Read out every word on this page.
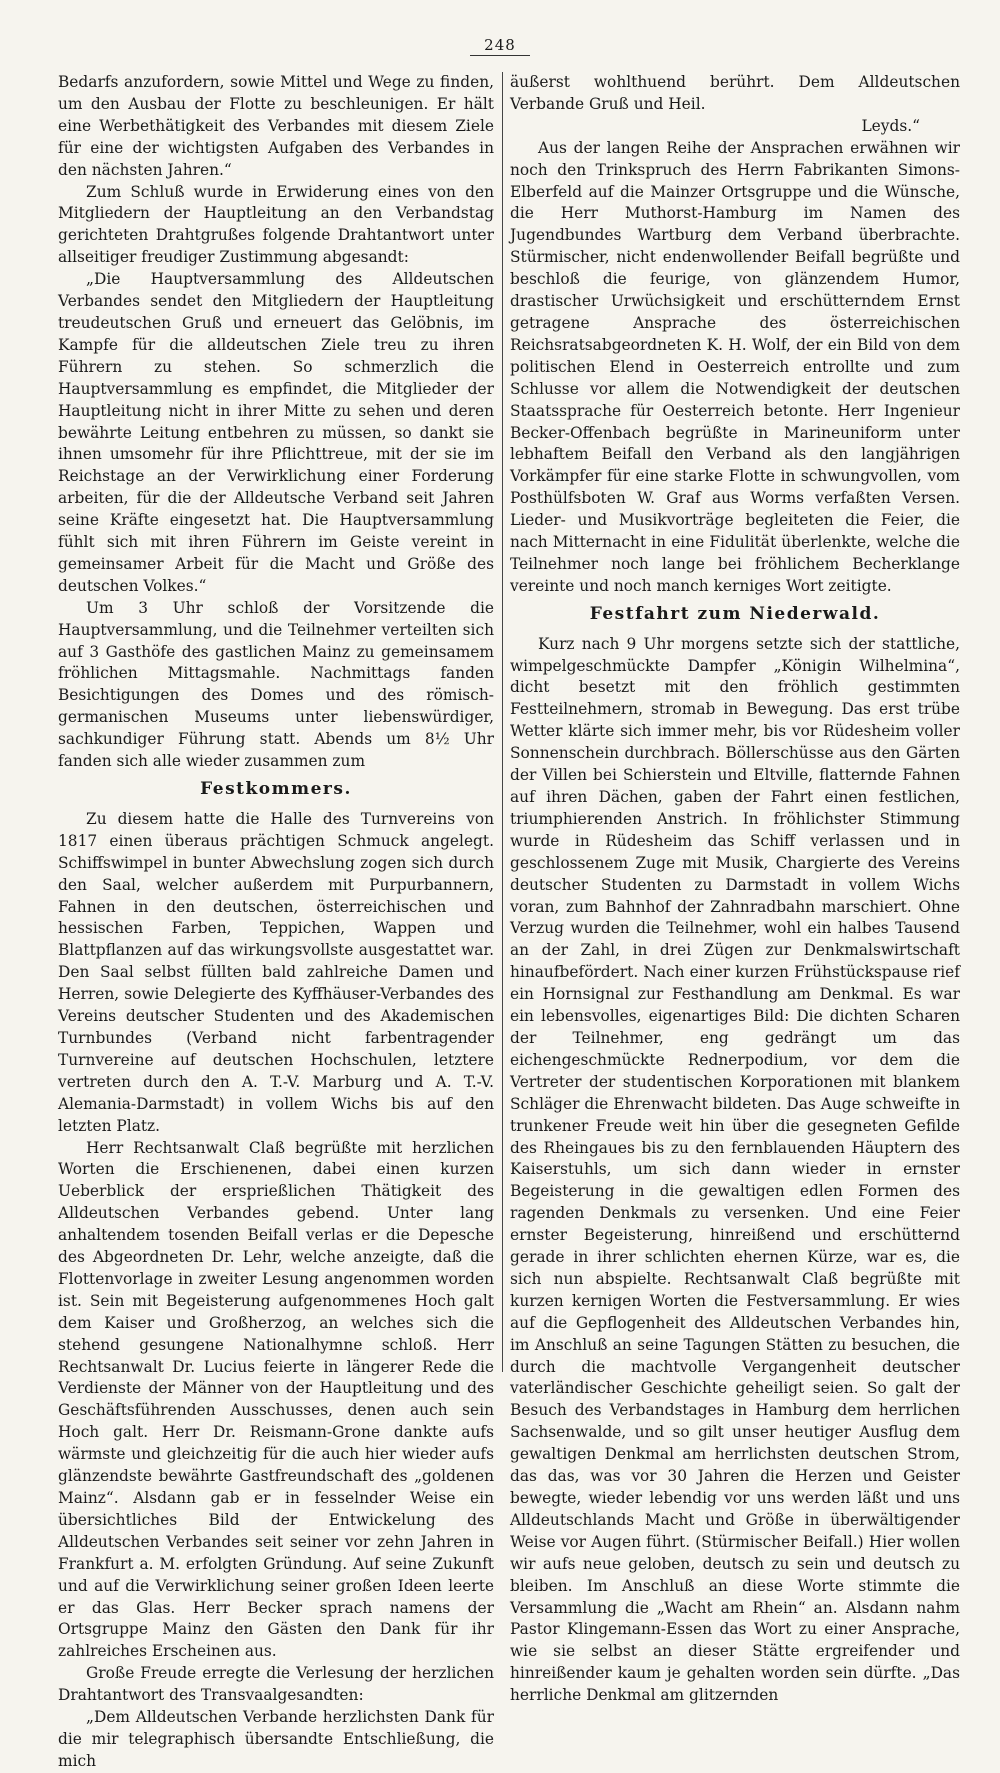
248

Bedarfs anzufordern, sowie Mittel und Wege zu finden, um den Ausbau der Flotte zu beschleunigen. Er hält eine Werbethätigkeit des Verbandes mit diesem Ziele für eine der wichtigsten Aufgaben des Verbandes in den nächsten Jahren.“

Zum Schluß wurde in Erwiderung eines von den Mitgliedern der Hauptleitung an den Verbandstag gerichteten Drahtgrußes folgende Drahtantwort unter allseitiger freudiger Zustimmung abgesandt:

„Die Hauptversammlung des Alldeutschen Verbandes sendet den Mitgliedern der Hauptleitung treudeutschen Gruß und erneuert das Gelöbnis, im Kampfe für die alldeutschen Ziele treu zu ihren Führern zu stehen. So schmerzlich die Hauptversammlung es empfindet, die Mitglieder der Hauptleitung nicht in ihrer Mitte zu sehen und deren bewährte Leitung entbehren zu müssen, so dankt sie ihnen umsomehr für ihre Pflichttreue, mit der sie im Reichstage an der Verwirklichung einer Forderung arbeiten, für die der Alldeutsche Verband seit Jahren seine Kräfte eingesetzt hat. Die Hauptversammlung fühlt sich mit ihren Führern im Geiste vereint in gemeinsamer Arbeit für die Macht und Größe des deutschen Volkes.“

Um 3 Uhr schloß der Vorsitzende die Hauptversammlung, und die Teilnehmer verteilten sich auf 3 Gasthöfe des gastlichen Mainz zu gemeinsamem fröhlichen Mittagsmahle. Nachmittags fanden Besichtigungen des Domes und des römisch-germanischen Museums unter liebenswürdiger, sachkundiger Führung statt. Abends um 8½ Uhr fanden sich alle wieder zusammen zum

Festkommers.

Zu diesem hatte die Halle des Turnvereins von 1817 einen überaus prächtigen Schmuck angelegt. Schiffswimpel in bunter Abwechslung zogen sich durch den Saal, welcher außerdem mit Purpurbannern, Fahnen in den deutschen, österreichischen und hessischen Farben, Teppichen, Wappen und Blattpflanzen auf das wirkungsvollste ausgestattet war. Den Saal selbst füllten bald zahlreiche Damen und Herren, sowie Delegierte des Kyffhäuser-Verbandes des Vereins deutscher Studenten und des Akademischen Turnbundes (Verband nicht farbentragender Turnvereine auf deutschen Hochschulen, letztere vertreten durch den A. T.-V. Marburg und A. T.-V. Alemania-Darmstadt) in vollem Wichs bis auf den letzten Platz.

Herr Rechtsanwalt Claß begrüßte mit herzlichen Worten die Erschienenen, dabei einen kurzen Ueberblick der ersprießlichen Thätigkeit des Alldeutschen Verbandes gebend. Unter lang anhaltendem tosenden Beifall verlas er die Depesche des Abgeordneten Dr. Lehr, welche anzeigte, daß die Flottenvorlage in zweiter Lesung angenommen worden ist. Sein mit Begeisterung aufgenommenes Hoch galt dem Kaiser und Großherzog, an welches sich die stehend gesungene Nationalhymne schloß. Herr Rechtsanwalt Dr. Lucius feierte in längerer Rede die Verdienste der Männer von der Hauptleitung und des Geschäftsführenden Ausschusses, denen auch sein Hoch galt. Herr Dr. Reismann-Grone dankte aufs wärmste und gleichzeitig für die auch hier wieder aufs glänzendste bewährte Gastfreundschaft des „goldenen Mainz“. Alsdann gab er in fesselnder Weise ein übersichtliches Bild der Entwickelung des Alldeutschen Verbandes seit seiner vor zehn Jahren in Frankfurt a. M. erfolgten Gründung. Auf seine Zukunft und auf die Verwirklichung seiner großen Ideen leerte er das Glas. Herr Becker sprach namens der Ortsgruppe Mainz den Gästen den Dank für ihr zahlreiches Erscheinen aus.

Große Freude erregte die Verlesung der herzlichen Drahtantwort des Transvaalgesandten:

„Dem Alldeutschen Verbande herzlichsten Dank für die mir telegraphisch übersandte Entschließung, die mich

äußerst wohlthuend berührt. Dem Alldeutschen Verbande Gruß und Heil.

Leyds.“

Aus der langen Reihe der Ansprachen erwähnen wir noch den Trinkspruch des Herrn Fabrikanten Simons-Elberfeld auf die Mainzer Ortsgruppe und die Wünsche, die Herr Muthorst-Hamburg im Namen des Jugendbundes Wartburg dem Verband überbrachte. Stürmischer, nicht endenwollender Beifall begrüßte und beschloß die feurige, von glänzendem Humor, drastischer Urwüchsigkeit und erschütterndem Ernst getragene Ansprache des österreichischen Reichsratsabgeordneten K. H. Wolf, der ein Bild von dem politischen Elend in Oesterreich entrollte und zum Schlusse vor allem die Notwendigkeit der deutschen Staatssprache für Oesterreich betonte. Herr Ingenieur Becker-Offenbach begrüßte in Marineuniform unter lebhaftem Beifall den Verband als den langjährigen Vorkämpfer für eine starke Flotte in schwungvollen, vom Posthülfsboten W. Graf aus Worms verfaßten Versen. Lieder- und Musikvorträge begleiteten die Feier, die nach Mitternacht in eine Fidulität überlenkte, welche die Teilnehmer noch lange bei fröhlichem Becherklange vereinte und noch manch kerniges Wort zeitigte.

Festfahrt zum Niederwald.

Kurz nach 9 Uhr morgens setzte sich der stattliche, wimpelgeschmückte Dampfer „Königin Wilhelmina“, dicht besetzt mit den fröhlich gestimmten Festteilnehmern, stromab in Bewegung. Das erst trübe Wetter klärte sich immer mehr, bis vor Rüdesheim voller Sonnenschein durchbrach. Böllerschüsse aus den Gärten der Villen bei Schierstein und Eltville, flatternde Fahnen auf ihren Dächen, gaben der Fahrt einen festlichen, triumphierenden Anstrich. In fröhlichster Stimmung wurde in Rüdesheim das Schiff verlassen und in geschlossenem Zuge mit Musik, Chargierte des Vereins deutscher Studenten zu Darmstadt in vollem Wichs voran, zum Bahnhof der Zahnradbahn marschiert. Ohne Verzug wurden die Teilnehmer, wohl ein halbes Tausend an der Zahl, in drei Zügen zur Denkmalswirtschaft hinaufbefördert. Nach einer kurzen Frühstückspause rief ein Hornsignal zur Festhandlung am Denkmal. Es war ein lebensvolles, eigenartiges Bild: Die dichten Scharen der Teilnehmer, eng gedrängt um das eichengeschmückte Rednerpodium, vor dem die Vertreter der studentischen Korporationen mit blankem Schläger die Ehrenwacht bildeten. Das Auge schweifte in trunkener Freude weit hin über die gesegneten Gefilde des Rheingaues bis zu den fernblauenden Häuptern des Kaiserstuhls, um sich dann wieder in ernster Begeisterung in die gewaltigen edlen Formen des ragenden Denkmals zu versenken. Und eine Feier ernster Begeisterung, hinreißend und erschütternd gerade in ihrer schlichten ehernen Kürze, war es, die sich nun abspielte. Rechtsanwalt Claß begrüßte mit kurzen kernigen Worten die Festversammlung. Er wies auf die Gepflogenheit des Alldeutschen Verbandes hin, im Anschluß an seine Tagungen Stätten zu besuchen, die durch die machtvolle Vergangenheit deutscher vaterländischer Geschichte geheiligt seien. So galt der Besuch des Verbandstages in Hamburg dem herrlichen Sachsenwalde, und so gilt unser heutiger Ausflug dem gewaltigen Denkmal am herrlichsten deutschen Strom, das das, was vor 30 Jahren die Herzen und Geister bewegte, wieder lebendig vor uns werden läßt und uns Alldeutschlands Macht und Größe in überwältigender Weise vor Augen führt. (Stürmischer Beifall.) Hier wollen wir aufs neue geloben, deutsch zu sein und deutsch zu bleiben. Im Anschluß an diese Worte stimmte die Versammlung die „Wacht am Rhein“ an. Alsdann nahm Pastor Klingemann-Essen das Wort zu einer Ansprache, wie sie selbst an dieser Stätte ergreifender und hinreißender kaum je gehalten worden sein dürfte. „Das herrliche Denkmal am glitzernden
